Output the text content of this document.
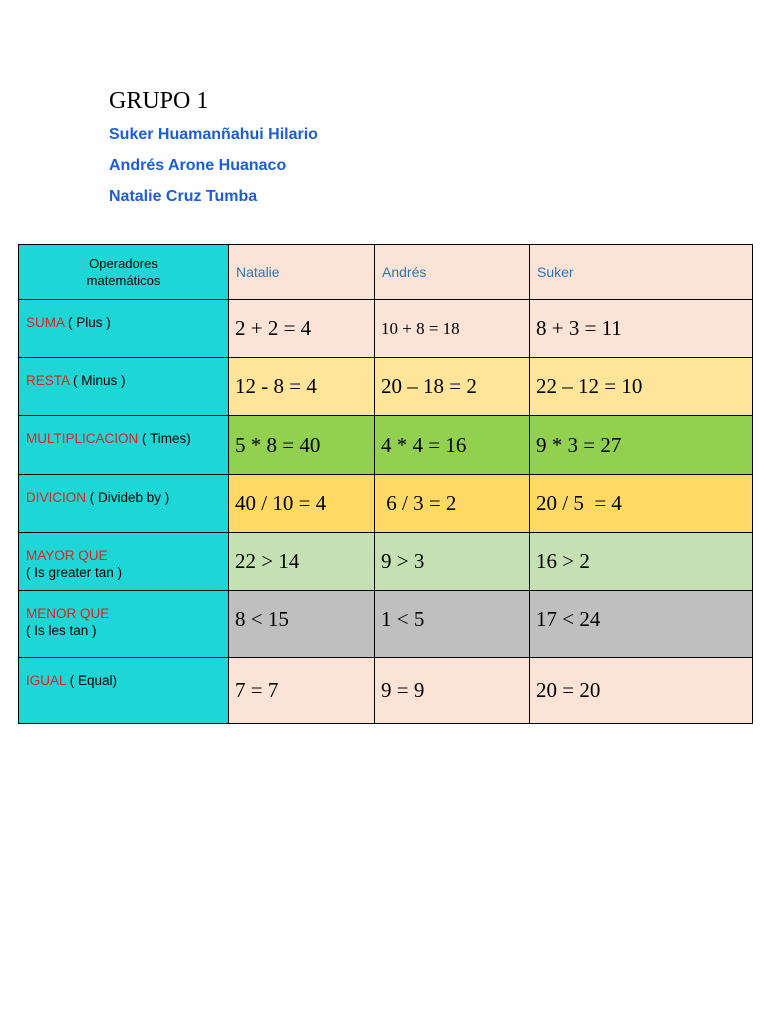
GRUPO 1
Suker Huamanñahui Hilario
Andrés Arone Huanaco
Natalie Cruz Tumba
Operadores
matemáticos	Natalie	Andrés	Suker
SUMA ( Plus )	2 + 2 = 4	10 + 8 = 18	8 + 3 = 11
RESTA ( Minus )	12 - 8 = 4	20 – 18 = 2	22 – 12 = 10
MULTIPLICACION ( Times)	5 * 8 = 40	4 * 4 = 16	9 * 3 = 27
DIVICION ( Divideb by )	40 / 10 = 4	6 / 3 = 2	20 / 5  = 4

MAYOR QUE
( Is greater tan )	22 > 14	9 > 3	16 > 2

MENOR QUE
( Is les tan )	8 < 15	1 < 5	17 < 24
IGUAL ( Equal)	7 = 7	9 = 9	20 = 20
